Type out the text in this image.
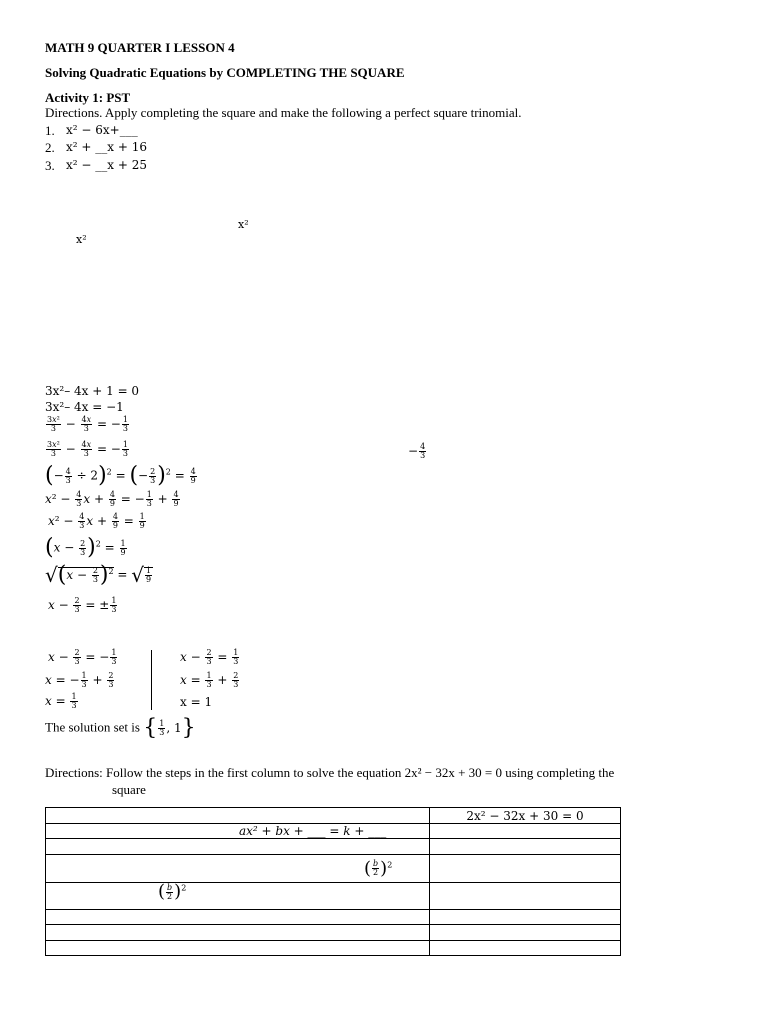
MATH 9 QUARTER I LESSON 4
Solving Quadratic Equations by COMPLETING THE SQUARE
Activity 1: PST
Directions. Apply completing the square and make the following a perfect square trinomial.
1. x² − 6x+___
2. x² + __x + 16
3. x² − __x + 25
x²
x²
− $\frac{4}{3}$
3x²– 4x + 1 = 0
3x²– 4x = −1
$\frac{\text{3x²}}{3} - \frac{4x}{3}$ = − $\frac{1}{3}$
$\frac{\text{3x²}}{3} - \frac{4x}{3}$ = − $\frac{1}{3}$
(− $\frac{4}{3} \div 2)^2$ = (− $\frac{2}{3} )^2 = \frac{4}{9}$
$x^2 - \frac{4}{3}$ $x + \frac{4}{9}$ = − $\frac{1}{3} + \frac{4}{9}$
$x^2 - \frac{4}{3}$ $x + \frac{4}{9} = \frac{1}{9}$
$(x - \frac{2}{3} )^2 = \frac{1}{9}$
$√(x - \frac{2}{3} )^2$ = √ $\frac{1}{9}$
$x - \frac{2}{3}$ = ± $\frac{1}{3}$
$x - \frac{2}{3}$ = − $\frac{1}{3}$
x = − $\frac{1}{3} + \frac{2}{3}$
$x = \frac{1}{3}$
$x - \frac{2}{3} = \frac{1}{3}$
$x = \frac{1}{3} + \frac{2}{3}$
x = 1
The solution set is { $\frac{1}{3}$ , 1}
Directions: Follow the steps in the first column to solve the equation 2x² − 32x + 30 = 0 using completing the
square
	2x² − 32x + 30 = 0
ax² + bx + ___ = k + ___	

( $\frac{b}{2} )^2$	
( $\frac{b}{2} )^2$	
